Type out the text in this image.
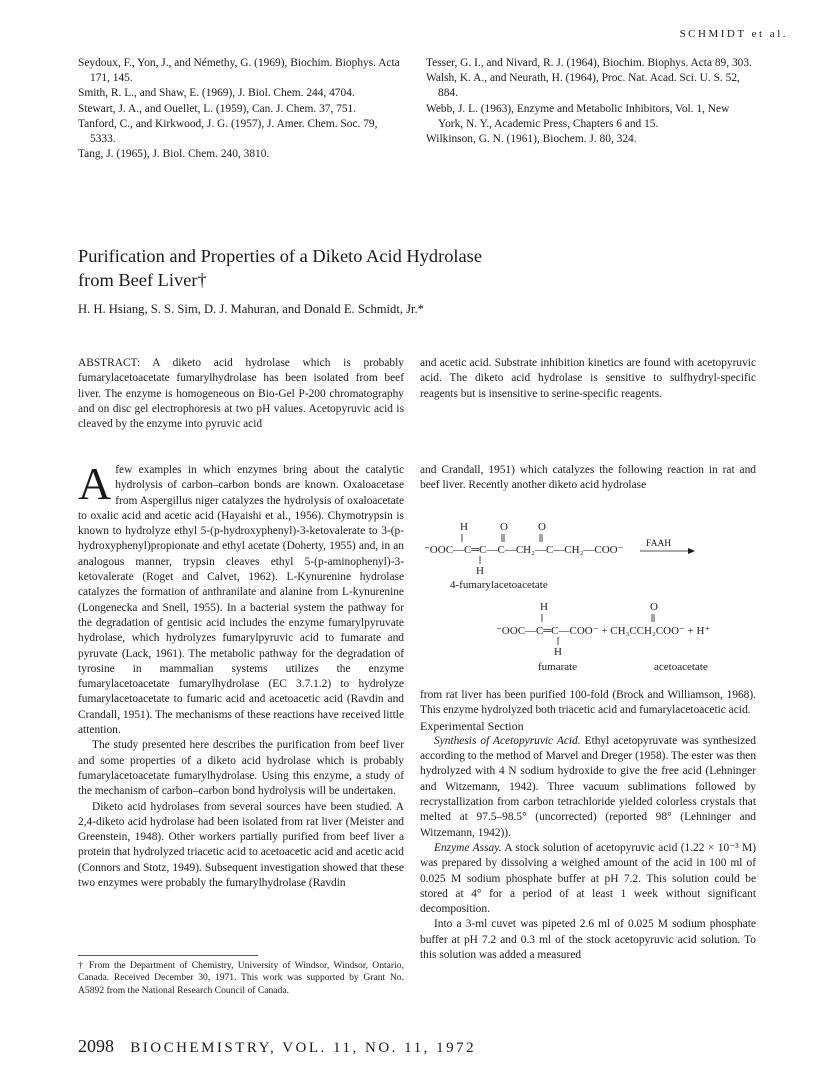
SCHMIDT et al.

Seydoux, F., Yon, J., and Némethy, G. (1969), Biochim. Biophys. Acta 171, 145.

Smith, R. L., and Shaw, E. (1969), J. Biol. Chem. 244, 4704.

Stewart, J. A., and Ouellet, L. (1959), Can. J. Chem. 37, 751.

Tanford, C., and Kirkwood, J. G. (1957), J. Amer. Chem. Soc. 79, 5333.

Tang, J. (1965), J. Biol. Chem. 240, 3810.

Tesser, G. I., and Nivard, R. J. (1964), Biochim. Biophys. Acta 89, 303.

Walsh, K. A., and Neurath, H. (1964), Proc. Nat. Acad. Sci. U. S. 52, 884.

Webb, J. L. (1963), Enzyme and Metabolic Inhibitors, Vol. 1, New York, N. Y., Academic Press, Chapters 6 and 15.

Wilkinson, G. N. (1961), Biochem. J. 80, 324.

Purification and Properties of a Diketo Acid Hydrolase
from Beef Liver†
H. H. Hsiang, S. S. Sim, D. J. Mahuran, and Donald E. Schmidt, Jr.*
ABSTRACT: A diketo acid hydrolase which is probably fumarylacetoacetate fumarylhydrolase has been isolated from beef liver. The enzyme is homogeneous on Bio-Gel P-200 chromatography and on disc gel electrophoresis at two pH values. Acetopyruvic acid is cleaved by the enzyme into pyruvic acid
and acetic acid. Substrate inhibition kinetics are found with acetopyruvic acid. The diketo acid hydrolase is sensitive to sulfhydryl-specific reagents but is insensitive to serine-specific reagents.

Afew examples in which enzymes bring about the catalytic hydrolysis of carbon–carbon bonds are known. Oxaloacetase from Aspergillus niger catalyzes the hydrolysis of oxaloacetate to oxalic acid and acetic acid (Hayaishi et al., 1956). Chymotrypsin is known to hydrolyze ethyl 5-(p-hydroxyphenyl)-3-ketovalerate to 3-(p-hydroxyphenyl)propionate and ethyl acetate (Doherty, 1955) and, in an analogous manner, trypsin cleaves ethyl 5-(p-aminophenyl)-3-ketovalerate (Roget and Calvet, 1962). L-Kynurenine hydrolase catalyzes the formation of anthranilate and alanine from L-kynurenine (Longenecka and Snell, 1955). In a bacterial system the pathway for the degradation of gentisic acid includes the enzyme fumarylpyruvate hydrolase, which hydrolyzes fumarylpyruvic acid to fumarate and pyruvate (Lack, 1961). The metabolic pathway for the degradation of tyrosine in mammalian systems utilizes the enzyme fumarylacetoacetate fumarylhydrolase (EC 3.7.1.2) to hydrolyze fumarylacetoacetate to fumaric acid and acetoacetic acid (Ravdin and Crandall, 1951). The mechanisms of these reactions have received little attention.

The study presented here describes the purification from beef liver and some properties of a diketo acid hydrolase which is probably fumarylacetoacetate fumarylhydrolase. Using this enzyme, a study of the mechanism of carbon–carbon bond hydrolysis will be undertaken.

Diketo acid hydrolases from several sources have been studied. A 2,4-diketo acid hydrolase had been isolated from rat liver (Meister and Greenstein, 1948). Other workers partially purified from beef liver a protein that hydrolyzed triacetic acid to acetoacetic acid and acetic acid (Connors and Stotz, 1949). Subsequent investigation showed that these two enzymes were probably the fumarylhydrolase (Ravdin

and Crandall, 1951) which catalyzes the following reaction in rat and beef liver. Recently another diketo acid hydrolase
H	O	O
⁻OOC—C═C—C—CH₂—C—CH₂—COO⁻ FAAH
H
4-fumarylacetoacetate
H	O
⁻OOC—C═C—COO⁻ + CH₃CCH₂COO⁻ + H⁺
H
fumarate	acetoacetate

from rat liver has been purified 100-fold (Brock and Williamson, 1968). This enzyme hydrolyzed both triacetic acid and fumarylacetoacetic acid.

Experimental Section

Synthesis of Acetopyruvic Acid. Ethyl acetopyruvate was synthesized according to the method of Marvel and Dreger (1958). The ester was then hydrolyzed with 4 N sodium hydroxide to give the free acid (Lehninger and Witzemann, 1942). Three vacuum sublimations followed by recrystallization from carbon tetrachloride yielded colorless crystals that melted at 97.5–98.5° (uncorrected) (reported 98° (Lehninger and Witzemann, 1942)).

Enzyme Assay. A stock solution of acetopyruvic acid (1.22 × 10⁻³ M) was prepared by dissolving a weighed amount of the acid in 100 ml of 0.025 M sodium phosphate buffer at pH 7.2. This solution could be stored at 4° for a period of at least 1 week without significant decomposition.

Into a 3-ml cuvet was pipeted 2.6 ml of 0.025 M sodium phosphate buffer at pH 7.2 and 0.3 ml of the stock acetopyruvic acid solution. To this solution was added a measured

† From the Department of Chemistry, University of Windsor, Windsor, Ontario, Canada. Received December 30, 1971. This work was supported by Grant No. A5892 from the National Research Council of Canada.
2098 BIOCHEMISTRY, VOL. 11, NO. 11, 1972
